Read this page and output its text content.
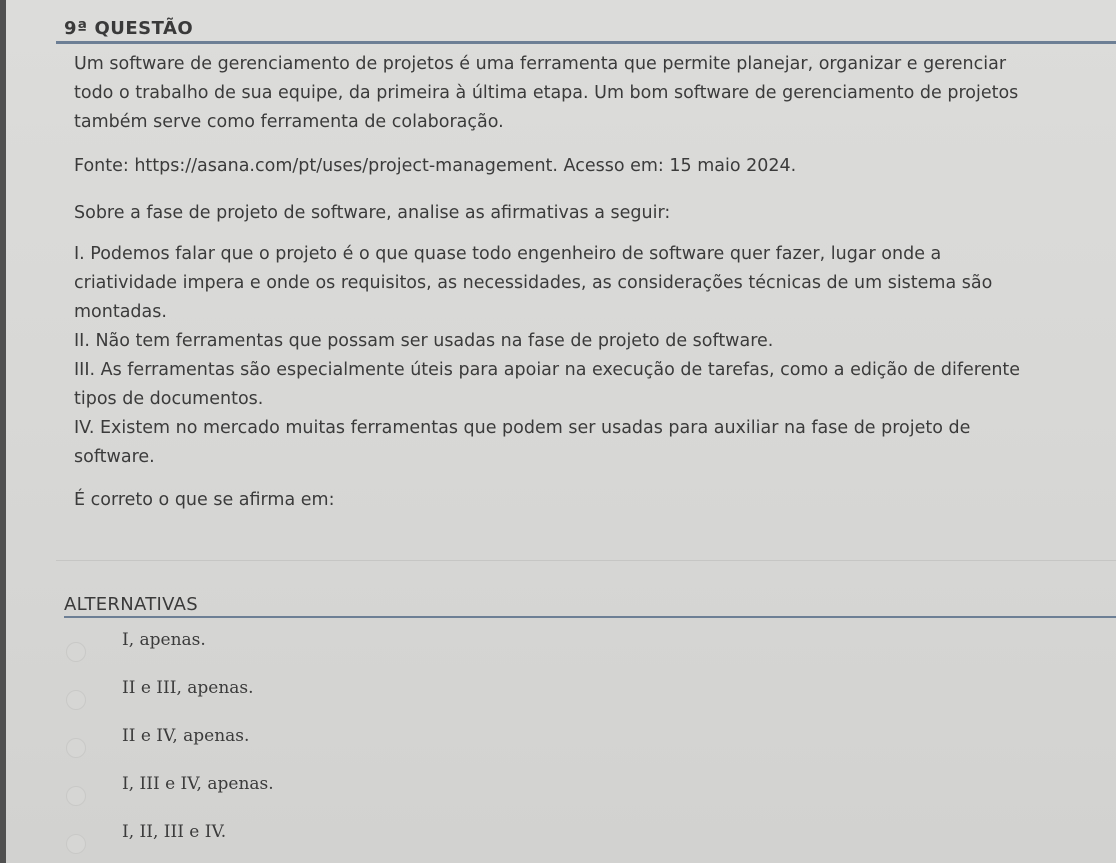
9ª QUESTÃO

Um software de gerenciamento de projetos é uma ferramenta que permite planejar, organizar e gerenciar

todo o trabalho de sua equipe, da primeira à última etapa. Um bom software de gerenciamento de projetos

também serve como ferramenta de colaboração.

Fonte: https://asana.com/pt/uses/project-management. Acesso em: 15 maio 2024.

Sobre a fase de projeto de software, analise as afirmativas a seguir:

I. Podemos falar que o projeto é o que quase todo engenheiro de software quer fazer, lugar onde a

criatividade impera e onde os requisitos, as necessidades, as considerações técnicas de um sistema são

montadas.

II. Não tem ferramentas que possam ser usadas na fase de projeto de software.

III. As ferramentas são especialmente úteis para apoiar na execução de tarefas, como a edição de diferente

tipos de documentos.

IV. Existem no mercado muitas ferramentas que podem ser usadas para auxiliar na fase de projeto de

software.

É correto o que se afirma em:

ALTERNATIVAS
I, apenas.
II e III, apenas.
II e IV, apenas.
I, III e IV, apenas.
I, II, III e IV.
